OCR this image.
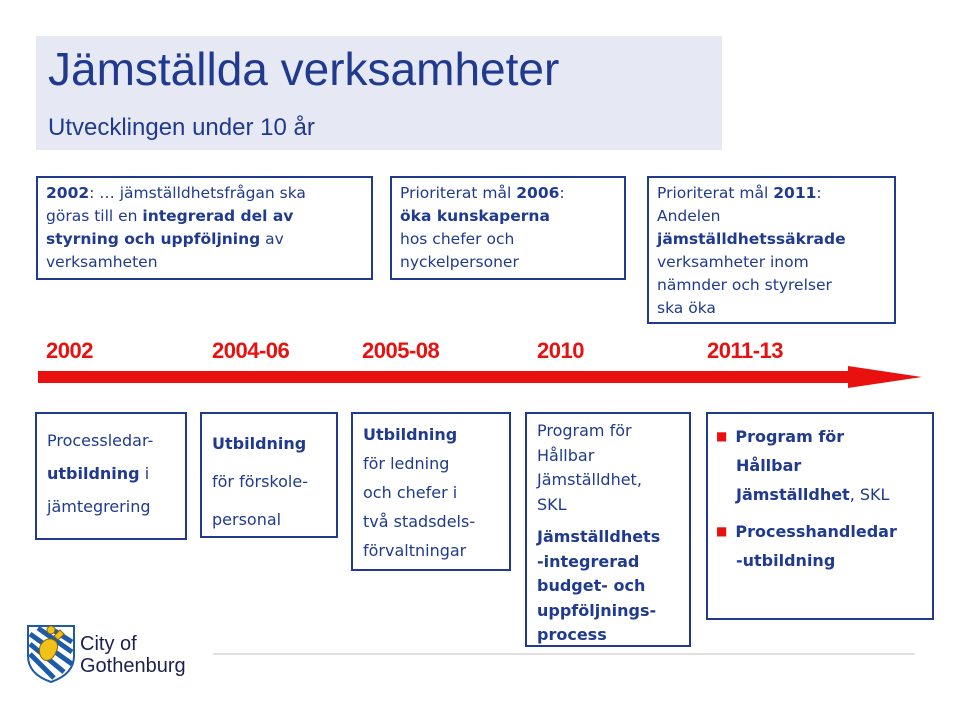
Jämställda verksamheter
Utvecklingen under 10 år
2002: … jämställdhetsfrågan ska
göras till en integrerad del av
styrning och uppföljning av
verksamheten
Prioriterat mål 2006:
öka kunskaperna
hos chefer och
nyckelpersoner
Prioriterat mål 2011:
Andelen
jämställdhetssäkrade
verksamheter inom
nämnder och styrelser
ska öka
2002	2004-06	2005-08	2010	2011-13
Processledar-
utbildning i
jämtegrering
Utbildning
för förskole-
personal
Utbildning
för ledning
och chefer i
två stadsdels-
förvaltningar
Program för
Hållbar
Jämställdhet,
SKL
Jämställdhets
-integrerad
budget- och
uppföljnings-
process
■ Program för
Hållbar
Jämställdhet, SKL
■ Processhandledar
-utbildning
City of
Gothenburg
